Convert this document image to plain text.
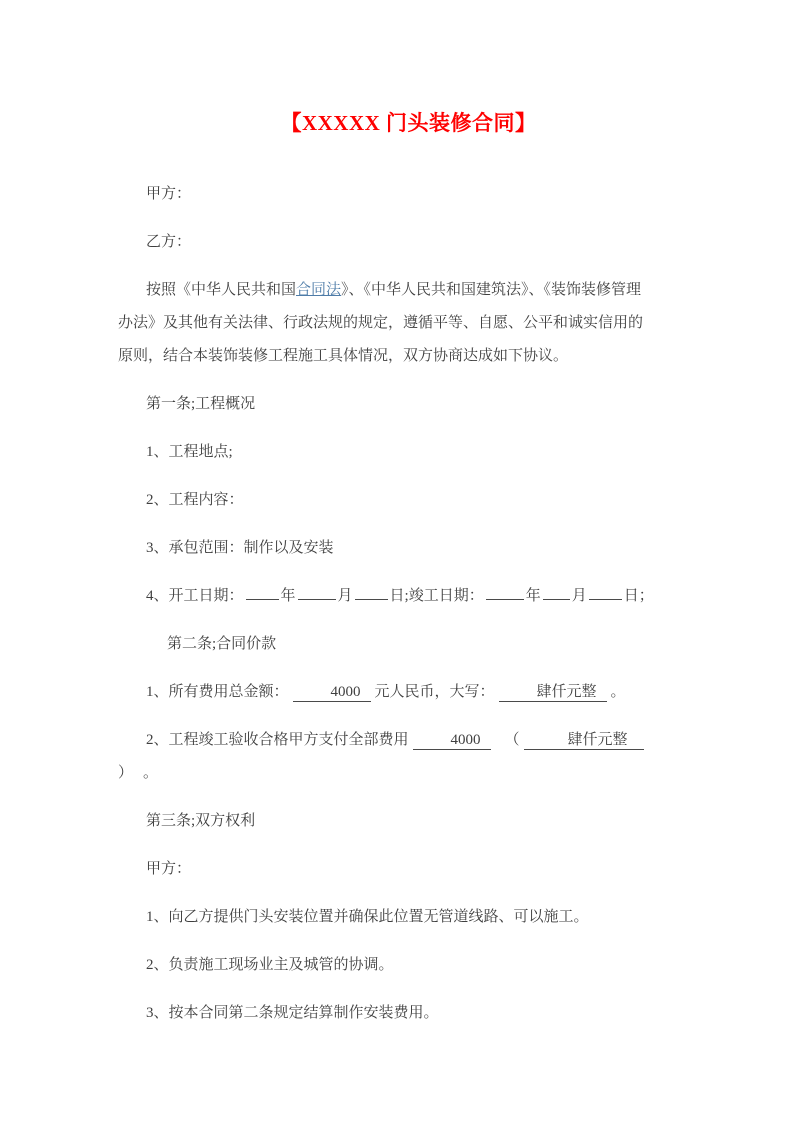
【XXXXX 门头装修合同】

甲方：

乙方：

按照《中华人民共和国合同法》、《中华人民共和国建筑法》、《装饰装修管理办法》及其他有关法律、行政法规的规定，遵循平等、自愿、公平和诚实信用的原则，结合本装饰装修工程施工具体情况，双方协商达成如下协议。

第一条;工程概况

1、工程地点;

2、工程内容：

3、承包范围：制作以及安装

4、开工日期： 年	月 日;竣工日期：	年 月 日；

第二条;合同价款

1、所有费用总金额：	4000 元人民币，大写：	肆仟元整 。

2、工程竣工验收合格甲方支付全部费用	4000 （	肆仟元整） 。

第三条;双方权利

甲方：

1、向乙方提供门头安装位置并确保此位置无管道线路、可以施工。

2、负责施工现场业主及城管的协调。

3、按本合同第二条规定结算制作安装费用。
